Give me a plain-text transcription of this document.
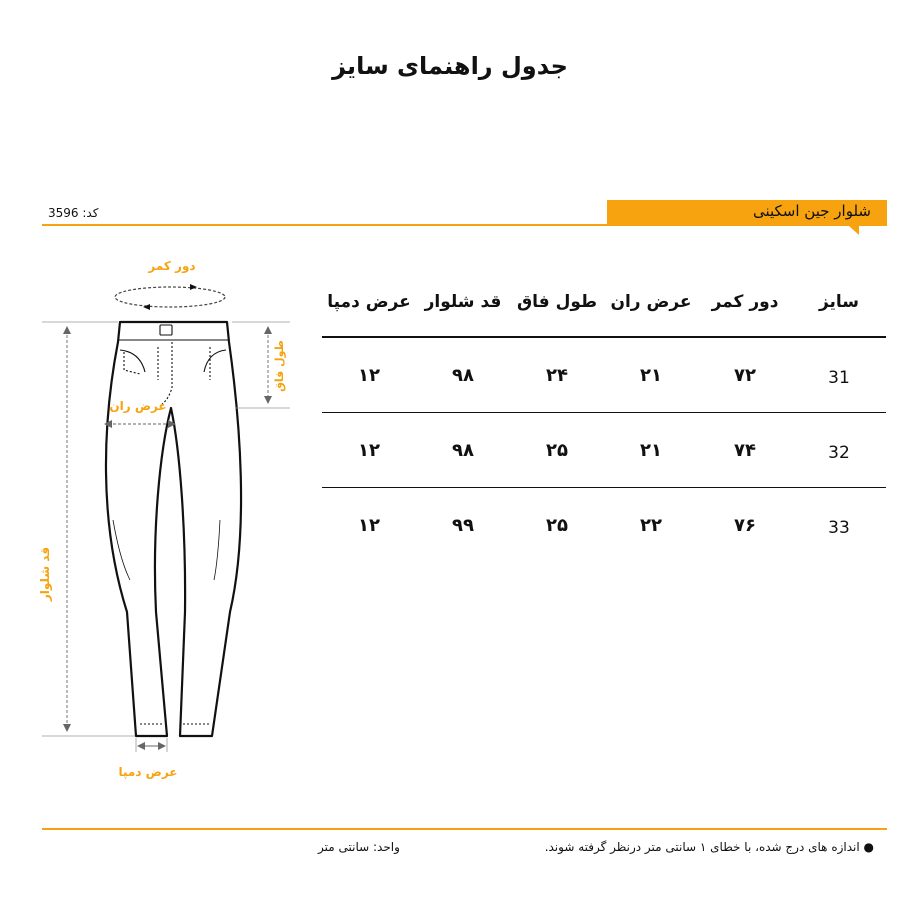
جدول راهنمای سایز
شلوار جین اسکینی
کد: 3596
دور کمر
طول فاق
عرض ران
قد شلوار
عرض دمپا
سایز	دور کمر	عرض ران	طول فاق	قد شلوار	عرض دمپا
31	۷۲	۲۱	۲۴	۹۸	۱۲
32	۷۴	۲۱	۲۵	۹۸	۱۲
33	۷۶	۲۲	۲۵	۹۹	۱۲
● اندازه های درج شده، با خطای ۱ سانتی متر درنظر گرفته شوند.
واحد: سانتی متر
